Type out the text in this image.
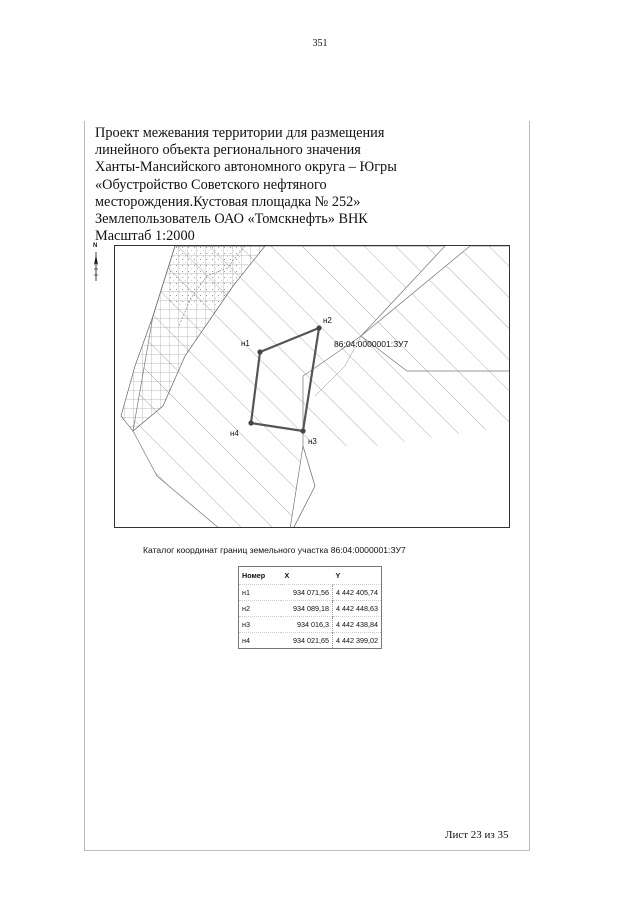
351
Проект межевания территории для размещения
линейного объекта регионального значения
Ханты-Мансийского автономного округа – Югры
«Обустройство Советского нефтяного
месторождения.Кустовая площадка № 252»
Землепользователь ОАО «Томскнефть» ВНК
Масштаб 1:2000
N
н1
н2
н3
н4
86:04:0000001:ЗУ7
Каталог координат границ земельного участка 86:04:0000001:ЗУ7
Номер	X	Y
н1	934 071,56	4 442 405,74
н2	934 089,18	4 442 448,63
н3	934 016,3	4 442 438,84
н4	934 021,65	4 442 399,02
Лист 23 из 35
